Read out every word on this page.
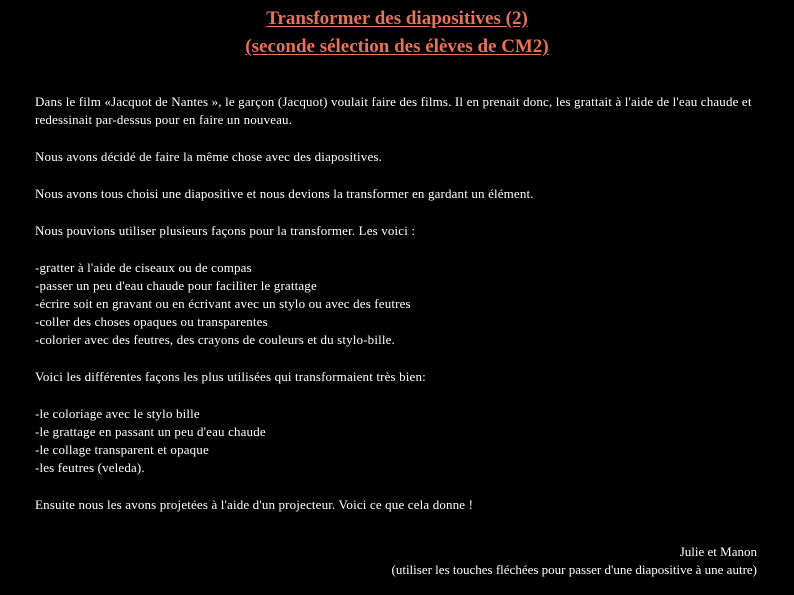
Transformer des diapositives (2)
(seconde sélection des élèves de CM2)

Dans le film «Jacquot de Nantes », le garçon (Jacquot) voulait faire des films. Il en prenait donc, les grattait à l'aide de l'eau chaude et redessinait par-dessus pour en faire un nouveau.

Nous avons décidé de faire la même chose avec des diapositives.

Nous avons tous choisi une diapositive et nous devions la transformer en gardant un élément.

Nous pouvions utiliser plusieurs façons pour la transformer. Les voici :

-gratter à l'aide de ciseaux ou de compas
-passer un peu d'eau chaude pour faciliter le grattage
-écrire soit en gravant ou en écrivant avec un stylo ou avec des feutres
-coller des choses opaques ou transparentes
-colorier avec des feutres, des crayons de couleurs et du stylo-bille.

Voici les différentes façons les plus utilisées qui transformaient très bien:

-le coloriage avec le stylo bille
-le grattage en passant un peu d'eau chaude
-le collage transparent et opaque
-les feutres (veleda).

Ensuite nous les avons projetées à l'aide d'un projecteur. Voici ce que cela donne !

Julie et Manon
(utiliser les touches fléchées pour passer d'une diapositive à une autre)
